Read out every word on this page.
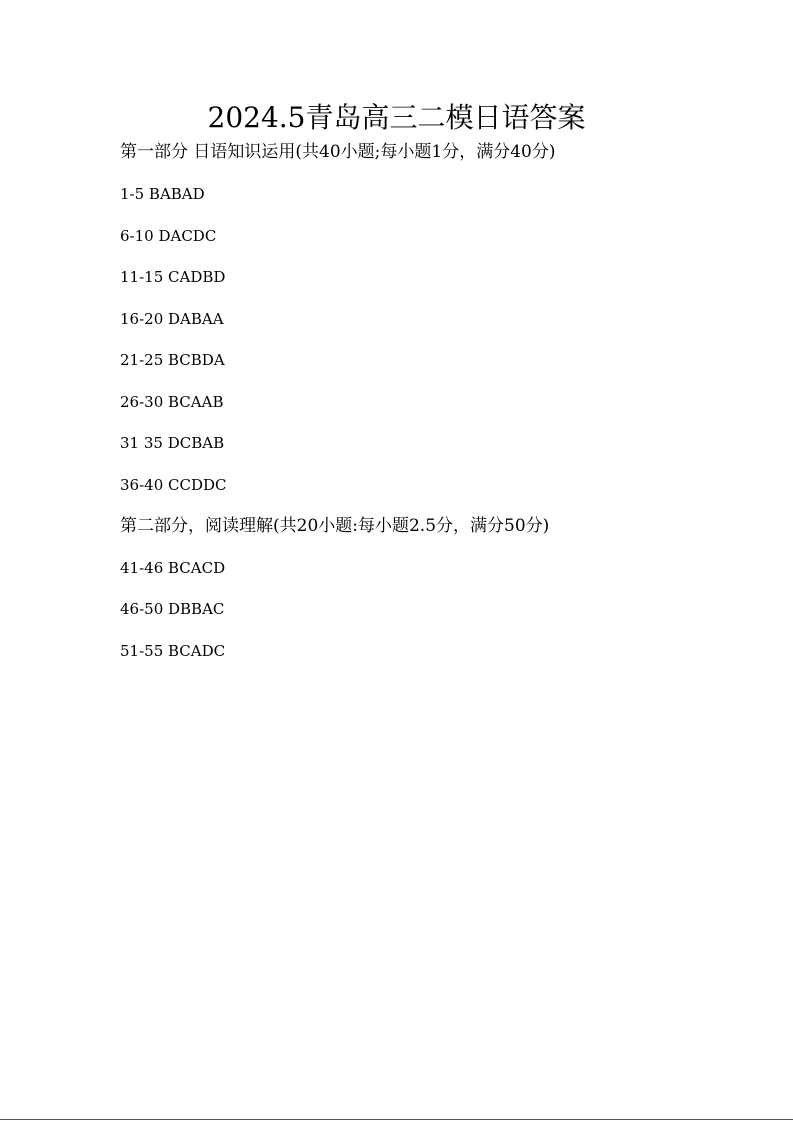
2024.5青岛高三二模日语答案
第一部分 日语知识运用(共40小题;每小题1分，满分40分)
1-5 BABAD
6-10 DACDC
11-15 CADBD
16-20 DABAA
21-25 BCBDA
26-30 BCAAB
31 35 DCBAB
36-40 CCDDC
第二部分，阅读理解(共20小题:每小题2.5分，满分50分)
41-46 BCACD
46-50 DBBAC
51-55 BCADC
